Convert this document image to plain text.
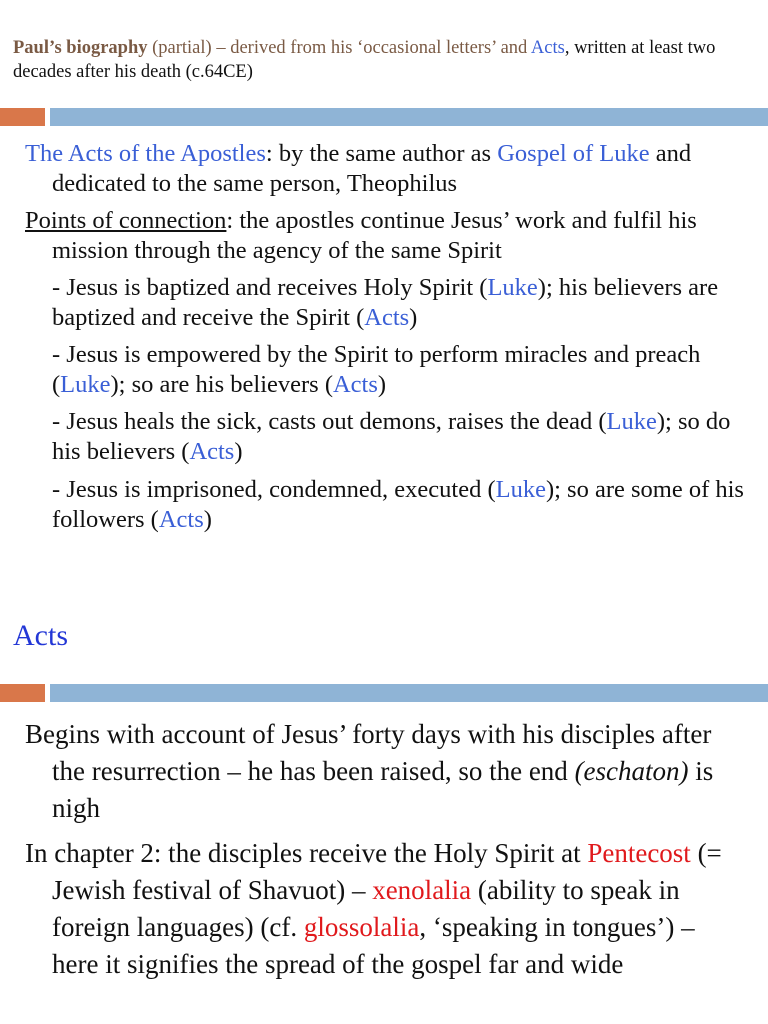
Paul’s biography (partial) – derived from his ‘occasional letters’ and Acts, written at least two decades after his death (c.64CE)
The Acts of the Apostles: by the same author as Gospel of Luke and dedicated to the same person, Theophilus
Points of connection: the apostles continue Jesus’ work and fulfil his mission through the agency of the same Spirit
- Jesus is baptized and receives Holy Spirit (Luke); his believers are baptized and receive the Spirit (Acts)
- Jesus is empowered by the Spirit to perform miracles and preach (Luke); so are his believers (Acts)
- Jesus heals the sick, casts out demons, raises the dead (Luke); so do his believers (Acts)
- Jesus is imprisoned, condemned, executed (Luke); so are some of his followers (Acts)
Acts
Begins with account of Jesus’ forty days with his disciples after the resurrection – he has been raised, so the end (eschaton) is nigh
In chapter 2: the disciples receive the Holy Spirit at Pentecost (= Jewish festival of Shavuot) – xenolalia (ability to speak in foreign languages) (cf. glossolalia, ‘speaking in tongues’) – here it signifies the spread of the gospel far and wide
